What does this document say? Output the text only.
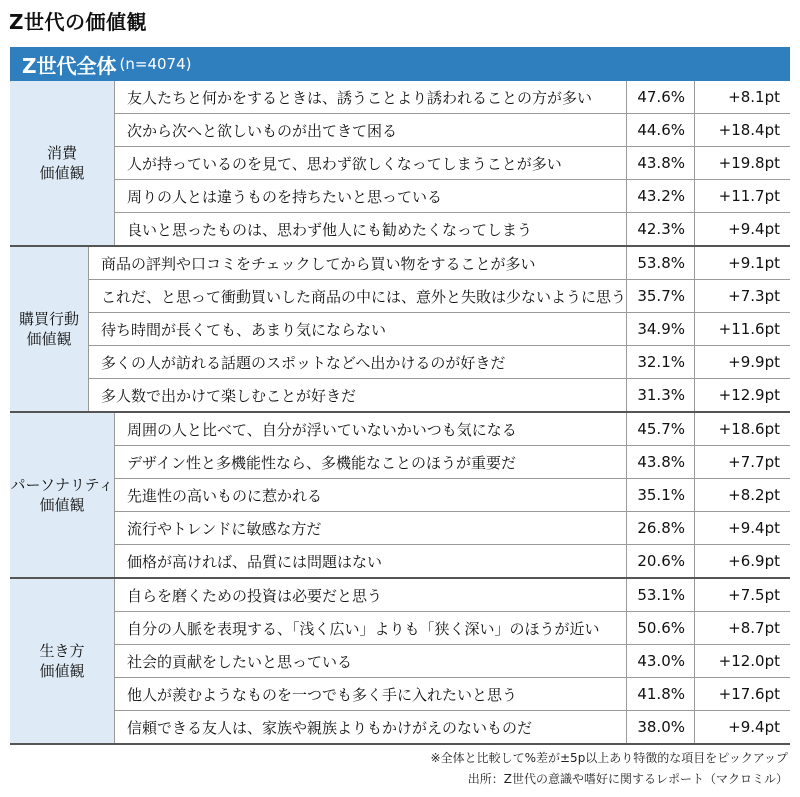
Z世代の価値観
Z世代全体 (n=4074)
消費
価値観
友人たちと何かをするときは、誘うことより誘われることの方が多い	47.6%	+8.1pt
次から次へと欲しいものが出てきて困る	44.6%	+18.4pt
人が持っているのを見て、思わず欲しくなってしまうことが多い	43.8%	+19.8pt
周りの人とは違うものを持ちたいと思っている	43.2%	+11.7pt
良いと思ったものは、思わず他人にも勧めたくなってしまう	42.3%	+9.4pt
購買行動
価値観
商品の評判や口コミをチェックしてから買い物をすることが多い	53.8%	+9.1pt
これだ、と思って衝動買いした商品の中には、意外と失敗は少ないように思う 35.7%	+7.3pt
待ち時間が長くても、あまり気にならない	34.9%	+11.6pt
多くの人が訪れる話題のスポットなどへ出かけるのが好きだ	32.1%	+9.9pt
多人数で出かけて楽しむことが好きだ	31.3%	+12.9pt
パーソナリティ
価値観
周囲の人と比べて、自分が浮いていないかいつも気になる	45.7%	+18.6pt
デザイン性と多機能性なら、多機能なことのほうが重要だ	43.8%	+7.7pt
先進性の高いものに惹かれる	35.1%	+8.2pt
流行やトレンドに敏感な方だ	26.8%	+9.4pt
価格が高ければ、品質には問題はない	20.6%	+6.9pt
生き方
価値観
自らを磨くための投資は必要だと思う	53.1%	+7.5pt
自分の人脈を表現する、「浅く広い」よりも「狭く深い」のほうが近い	50.6%	+8.7pt
社会的貢献をしたいと思っている	43.0%	+12.0pt
他人が羨むようなものを一つでも多く手に入れたいと思う	41.8%	+17.6pt
信頼できる友人は、家族や親族よりもかけがえのないものだ	38.0%	+9.4pt
※全体と比較して%差が±5p以上あり特徴的な項目をピックアップ
出所：Z世代の意識や嗜好に関するレポート（マクロミル）
